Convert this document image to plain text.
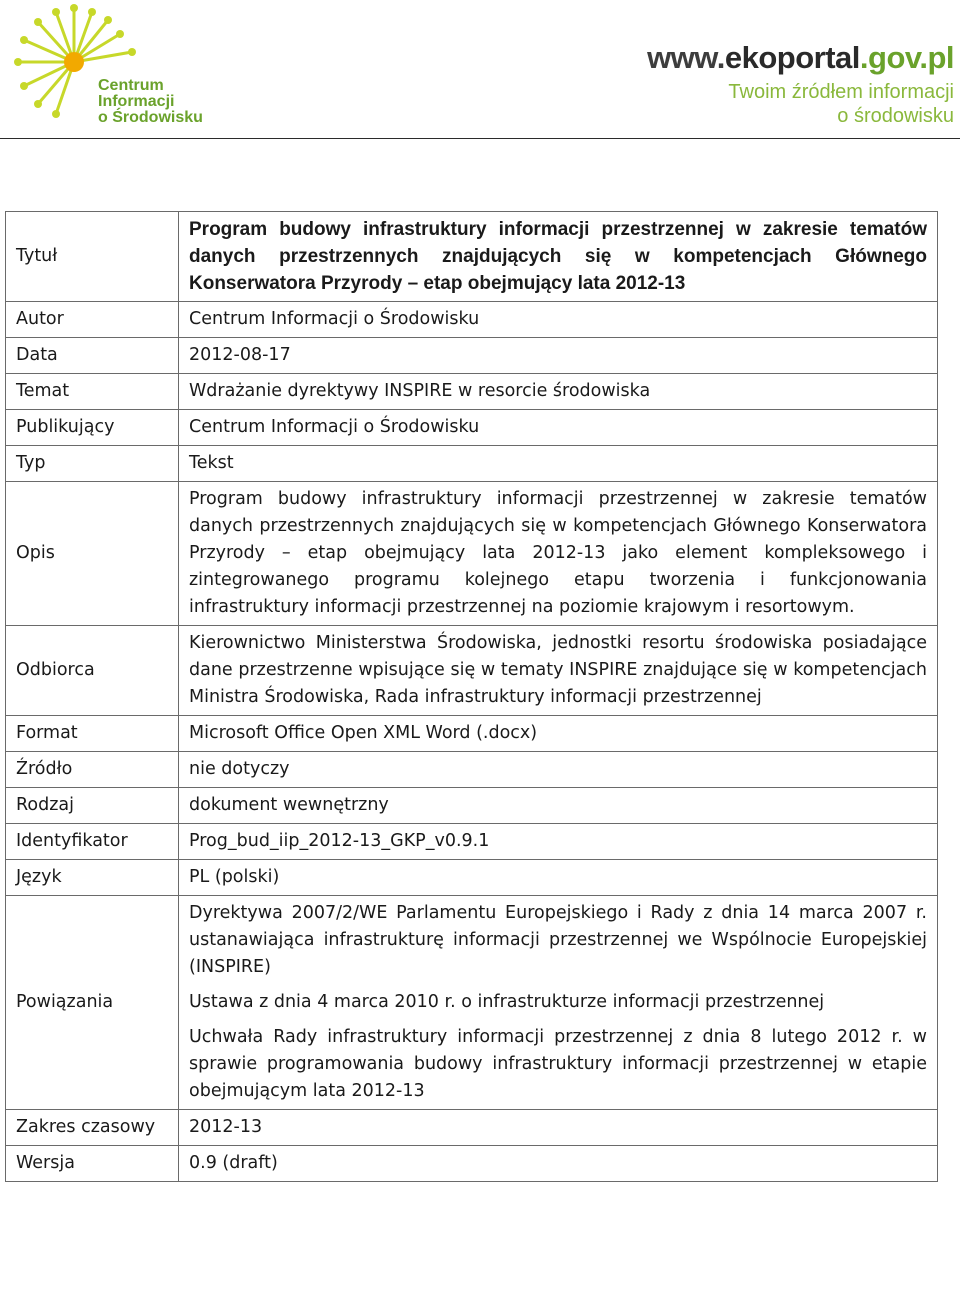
Centrum
Informacji
o Środowisku
www.ekoportal.gov.pl
Twoim źródłem informacji
o środowisku
Tytuł	Program budowy infrastruktury informacji przestrzennej w zakresie tematów danych przestrzennych znajdujących się w kompetencjach Głównego Konserwatora Przyrody – etap obejmujący lata 2012-13
Autor	Centrum Informacji o Środowisku
Data	2012-08-17
Temat	Wdrażanie dyrektywy INSPIRE w resorcie środowiska
Publikujący	Centrum Informacji o Środowisku
Typ	Tekst
Opis	Program budowy infrastruktury informacji przestrzennej w zakresie tematów danych przestrzennych znajdujących się w kompetencjach Głównego Konserwatora Przyrody – etap obejmujący lata 2012-13 jako element kompleksowego i zintegrowanego programu kolejnego etapu tworzenia i funkcjonowania infrastruktury informacji przestrzennej na poziomie krajowym i resortowym.
Odbiorca	Kierownictwo Ministerstwa Środowiska, jednostki resortu środowiska posiadające dane przestrzenne wpisujące się w tematy INSPIRE znajdujące się w kompetencjach Ministra Środowiska, Rada infrastruktury informacji przestrzennej
Format	Microsoft Office Open XML Word (.docx)
Źródło	nie dotyczy
Rodzaj	dokument wewnętrzny
Identyfikator	Prog_bud_iip_2012-13_GKP_v0.9.1
Język	PL (polski)
Powiązania	Dyrektywa 2007/2/WE Parlamentu Europejskiego i Rady z dnia 14 marca 2007 r. ustanawiająca infrastrukturę informacji przestrzennej we Wspólnocie Europejskiej (INSPIRE)

Ustawa z dnia 4 marca 2010 r. o infrastrukturze informacji przestrzennej

Uchwała Rady infrastruktury informacji przestrzennej z dnia 8 lutego 2012 r. w sprawie programowania budowy infrastruktury informacji przestrzennej w etapie obejmującym lata 2012-13

Zakres czasowy	2012-13
Wersja	0.9 (draft)
